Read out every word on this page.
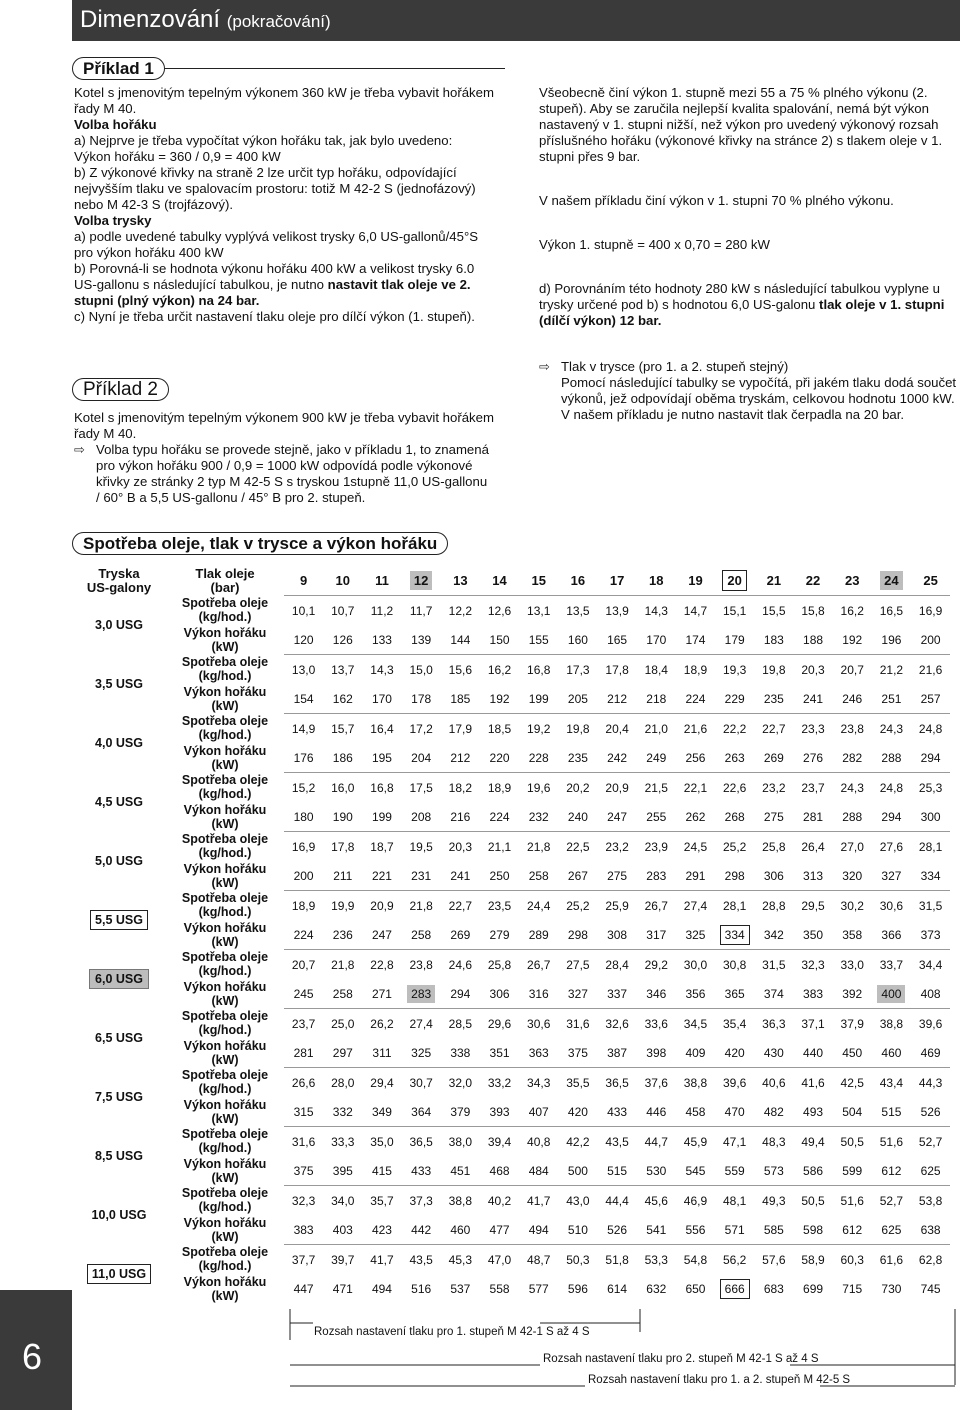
Dimenzování (pokračování)
Příklad 1

Kotel s jmenovitým tepelným výkonem 360 kW je třeba vybavit hořákem řady M 40.

Volba hořáku

a) Nejprve je třeba vypočítat výkon hořáku tak, jak bylo uvedeno:

Výkon hořáku = 360 / 0,9 = 400 kW

b) Z výkonové křivky na straně 2 lze určit typ hořáku, odpovídající nejvyšším tlaku ve spalovacím prostoru: totiž M 42-2 S (jednofázový) nebo M 42-3 S (trojfázový).

Volba trysky

a) podle uvedené tabulky vyplývá velikost trysky 6,0 US-gallonů/45°S pro výkon hořáku 400 kW

b) Porovná-li se hodnota výkonu hořáku 400 kW a velikost trysky 6.0 US-gallonu s následující tabulkou, je nutno nastavit tlak oleje ve 2. stupni (plný výkon) na 24 bar.

c) Nyní je třeba určit nastavení tlaku oleje pro dílčí výkon (1. stupeň).

Příklad 2

Kotel s jmenovitým tepelným výkonem 900 kW je třeba vybavit hořákem řady M 40.

⇨ Volba typu hořáku se provede stejně, jako v příkladu 1, to znamená pro výkon hořáku 900 / 0,9 = 1000 kW odpovídá podle výkonové křivky ze stránky 2 typ M 42-5 S s tryskou 1stupně 11,0 US-gallonu / 60° B a 5,5 US-gallonu / 45° B pro 2. stupeň.

Všeobecně činí výkon 1. stupně mezi 55 a 75 % plného výkonu (2. stupeň). Aby se zaručila nejlepší kvalita spalování, nemá být výkon nastavený v 1. stupni nižší, než výkon pro uvedený výkonový rozsah příslušného hořáku (výkonové křivky na stránce 2) s tlakem oleje v 1. stupni přes 9 bar.

V našem příkladu činí výkon v 1. stupni 70 % plného výkonu.

Výkon 1. stupně = 400 x 0,70 = 280 kW

d) Porovnáním této hodnoty 280 kW s následující tabulkou vyplyne u trysky určené pod b) s hodnotou 6,0 US-galonu tlak oleje v 1. stupni (dílčí výkon) 12 bar.

⇨ Tlak v trysce (pro 1. a 2. stupeň stejný)

Pomocí následující tabulky se vypočítá, při jakém tlaku dodá součet výkonů, jež odpovídají oběma tryskám, celkovou hodnotu 1000 kW. V našem příkladu je nutno nastavit tlak čerpadla na 20 bar.

Spotřeba oleje, tlak v trysce a výkon hořáku
Tryska
US-galony	Tlak oleje
(bar)	9	10	11	12	13	14	15	16	17	18	19	20	21	22	23	24	25
3,0 USG	Spotřeba oleje
(kg/hod.)	10,1	10,7	11,2	11,7	12,2	12,6	13,1	13,5	13,9	14,3	14,7	15,1	15,5	15,8	16,2	16,5	16,9
	Výkon hořáku
(kW)	120	126	133	139	144	150	155	160	165	170	174	179	183	188	192	196	200
3,5 USG	Spotřeba oleje
(kg/hod.)	13,0	13,7	14,3	15,0	15,6	16,2	16,8	17,3	17,8	18,4	18,9	19,3	19,8	20,3	20,7	21,2	21,6
	Výkon hořáku
(kW)	154	162	170	178	185	192	199	205	212	218	224	229	235	241	246	251	257
4,0 USG	Spotřeba oleje
(kg/hod.)	14,9	15,7	16,4	17,2	17,9	18,5	19,2	19,8	20,4	21,0	21,6	22,2	22,7	23,3	23,8	24,3	24,8
	Výkon hořáku
(kW)	176	186	195	204	212	220	228	235	242	249	256	263	269	276	282	288	294
4,5 USG	Spotřeba oleje
(kg/hod.)	15,2	16,0	16,8	17,5	18,2	18,9	19,6	20,2	20,9	21,5	22,1	22,6	23,2	23,7	24,3	24,8	25,3
	Výkon hořáku
(kW)	180	190	199	208	216	224	232	240	247	255	262	268	275	281	288	294	300
5,0 USG	Spotřeba oleje
(kg/hod.)	16,9	17,8	18,7	19,5	20,3	21,1	21,8	22,5	23,2	23,9	24,5	25,2	25,8	26,4	27,0	27,6	28,1
	Výkon hořáku
(kW)	200	211	221	231	241	250	258	267	275	283	291	298	306	313	320	327	334
5,5 USG	Spotřeba oleje
(kg/hod.)	18,9	19,9	20,9	21,8	22,7	23,5	24,4	25,2	25,9	26,7	27,4	28,1	28,8	29,5	30,2	30,6	31,5
	Výkon hořáku
(kW)	224	236	247	258	269	279	289	298	308	317	325	334	342	350	358	366	373
6,0 USG	Spotřeba oleje
(kg/hod.)	20,7	21,8	22,8	23,8	24,6	25,8	26,7	27,5	28,4	29,2	30,0	30,8	31,5	32,3	33,0	33,7	34,4
	Výkon hořáku
(kW)	245	258	271	283	294	306	316	327	337	346	356	365	374	383	392	400	408
6,5 USG	Spotřeba oleje
(kg/hod.)	23,7	25,0	26,2	27,4	28,5	29,6	30,6	31,6	32,6	33,6	34,5	35,4	36,3	37,1	37,9	38,8	39,6
	Výkon hořáku
(kW)	281	297	311	325	338	351	363	375	387	398	409	420	430	440	450	460	469
7,5 USG	Spotřeba oleje
(kg/hod.)	26,6	28,0	29,4	30,7	32,0	33,2	34,3	35,5	36,5	37,6	38,8	39,6	40,6	41,6	42,5	43,4	44,3
	Výkon hořáku
(kW)	315	332	349	364	379	393	407	420	433	446	458	470	482	493	504	515	526
8,5 USG	Spotřeba oleje
(kg/hod.)	31,6	33,3	35,0	36,5	38,0	39,4	40,8	42,2	43,5	44,7	45,9	47,1	48,3	49,4	50,5	51,6	52,7
	Výkon hořáku
(kW)	375	395	415	433	451	468	484	500	515	530	545	559	573	586	599	612	625
10,0 USG	Spotřeba oleje
(kg/hod.)	32,3	34,0	35,7	37,3	38,8	40,2	41,7	43,0	44,4	45,6	46,9	48,1	49,3	50,5	51,6	52,7	53,8
	Výkon hořáku
(kW)	383	403	423	442	460	477	494	510	526	541	556	571	585	598	612	625	638
11,0 USG	Spotřeba oleje
(kg/hod.)	37,7	39,7	41,7	43,5	45,3	47,0	48,7	50,3	51,8	53,3	54,8	56,2	57,6	58,9	60,3	61,6	62,8
	Výkon hořáku
(kW)	447	471	494	516	537	558	577	596	614	632	650	666	683	699	715	730	745
Rozsah nastavení tlaku pro 1. stupeň M 42-1 S až 4 S
Rozsah nastavení tlaku pro 2. stupeň M 42-1 S až 4 S
Rozsah nastavení tlaku pro 1. a 2. stupeň M 42-5 S
6
